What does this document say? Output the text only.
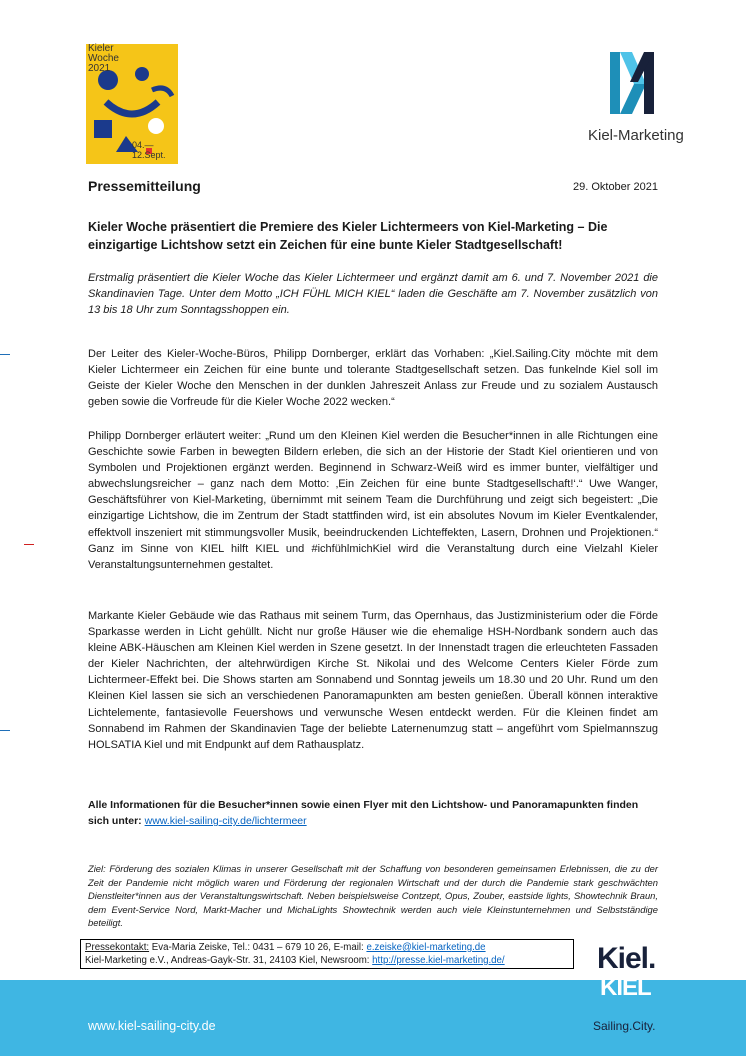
Kieler
Woche
2021
04.—
12.Sept.
Kiel-Marketing
Pressemitteilung	29. Oktober 2021
Kieler Woche präsentiert die Premiere des Kieler Lichtermeers von Kiel-Marketing – Die einzigartige Lichtshow setzt ein Zeichen für eine bunte Kieler Stadtgesellschaft!
Erstmalig präsentiert die Kieler Woche das Kieler Lichtermeer und ergänzt damit am 6. und 7. November 2021 die Skandinavien Tage. Unter dem Motto „ICH FÜHL MICH KIEL“ laden die Geschäfte am 7. November zusätzlich von 13 bis 18 Uhr zum Sonntagsshoppen ein.
Der Leiter des Kieler-Woche-Büros, Philipp Dornberger, erklärt das Vorhaben: „Kiel.Sailing.City möchte mit dem Kieler Lichtermeer ein Zeichen für eine bunte und tolerante Stadtgesellschaft setzen. Das funkelnde Kiel soll im Geiste der Kieler Woche den Menschen in der dunklen Jahreszeit Anlass zur Freude und zu sozialem Austausch geben sowie die Vorfreude für die Kieler Woche 2022 wecken.“
Philipp Dornberger erläutert weiter: „Rund um den Kleinen Kiel werden die Besucher*innen in alle Richtungen eine Geschichte sowie Farben in bewegten Bildern erleben, die sich an der Historie der Stadt Kiel orientieren und von Symbolen und Projektionen ergänzt werden. Beginnend in Schwarz-Weiß wird es immer bunter, vielfältiger und abwechslungsreicher – ganz nach dem Motto: ‚Ein Zeichen für eine bunte Stadtgesellschaft!‘.“ Uwe Wanger, Geschäftsführer von Kiel-Marketing, übernimmt mit seinem Team die Durchführung und zeigt sich begeistert: „Die einzigartige Lichtshow, die im Zentrum der Stadt stattfinden wird, ist ein absolutes Novum im Kieler Eventkalender, effektvoll inszeniert mit stimmungsvoller Musik, beeindruckenden Lichteffekten, Lasern, Drohnen und Projektionen.“ Ganz im Sinne von KIEL hilft KIEL und #ichfühlmichKiel wird die Veranstaltung durch eine Vielzahl Kieler Veranstaltungsunternehmen gestaltet.
Markante Kieler Gebäude wie das Rathaus mit seinem Turm, das Opernhaus, das Justizministerium oder die Förde Sparkasse werden in Licht gehüllt. Nicht nur große Häuser wie die ehemalige HSH-Nordbank sondern auch das kleine ABK-Häuschen am Kleinen Kiel werden in Szene gesetzt. In der Innenstadt tragen die erleuchteten Fassaden der Kieler Nachrichten, der altehrwürdigen Kirche St. Nikolai und des Welcome Centers Kieler Förde zum Lichtermeer-Effekt bei. Die Shows starten am Sonnabend und Sonntag jeweils um 18.30 und 20 Uhr. Rund um den Kleinen Kiel lassen sie sich an verschiedenen Panoramapunkten am besten genießen. Überall können interaktive Lichtelemente, fantasievolle Feuershows und verwunsche Wesen entdeckt werden. Für die Kleinen findet am Sonnabend im Rahmen der Skandinavien Tage der beliebte Laternenumzug statt – angeführt vom Spielmannszug HOLSATIA Kiel und mit Endpunkt auf dem Rathausplatz.
Alle Informationen für die Besucher*innen sowie einen Flyer mit den Lichtshow- und Panoramapunkten finden sich unter: www.kiel-sailing-city.de/lichtermeer
Ziel: Förderung des sozialen Klimas in unserer Gesellschaft mit der Schaffung von besonderen gemeinsamen Erlebnissen, die zu der Zeit der Pandemie nicht möglich waren und Förderung der regionalen Wirtschaft und der durch die Pandemie stark geschwächten Dienstleiter*innen aus der Veranstaltungswirtschaft. Neben beispielsweise Contzept, Opus, Zouber, eastside lights, Showtechnik Braun, dem Event-Service Nord, Markt-Macher und MichaLights Showtechnik werden auch viele Kleinstunternehmen und Selbstständige beteiligt.
Pressekontakt: Eva-Maria Zeiske, Tel.: 0431 – 679 10 26, E-mail: e.zeiske@kiel-marketing.de
Kiel-Marketing e.V., Andreas-Gayk-Str. 31, 24103 Kiel, Newsroom: http://presse.kiel-marketing.de/
www.kiel-sailing-city.de
Kiel.
KIEL
Sailing.City.
